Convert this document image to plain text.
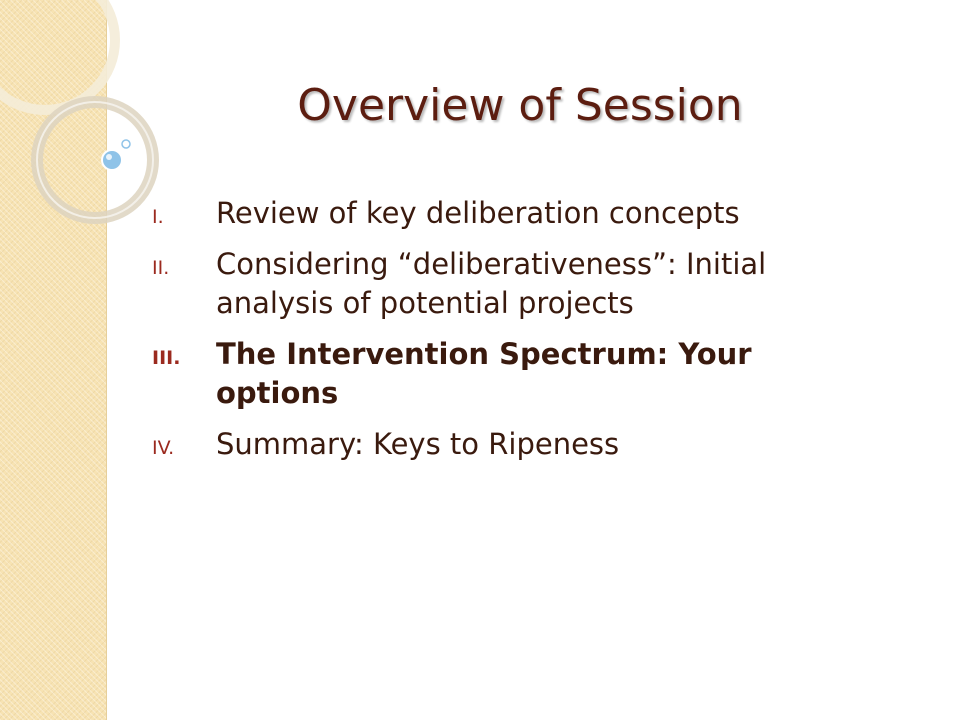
Overview of Session
I.	Review of key deliberation concepts
II.	Considering “deliberativeness”: Initial analysis of potential projects
III.	The Intervention Spectrum: Your options
IV.	Summary: Keys to Ripeness
